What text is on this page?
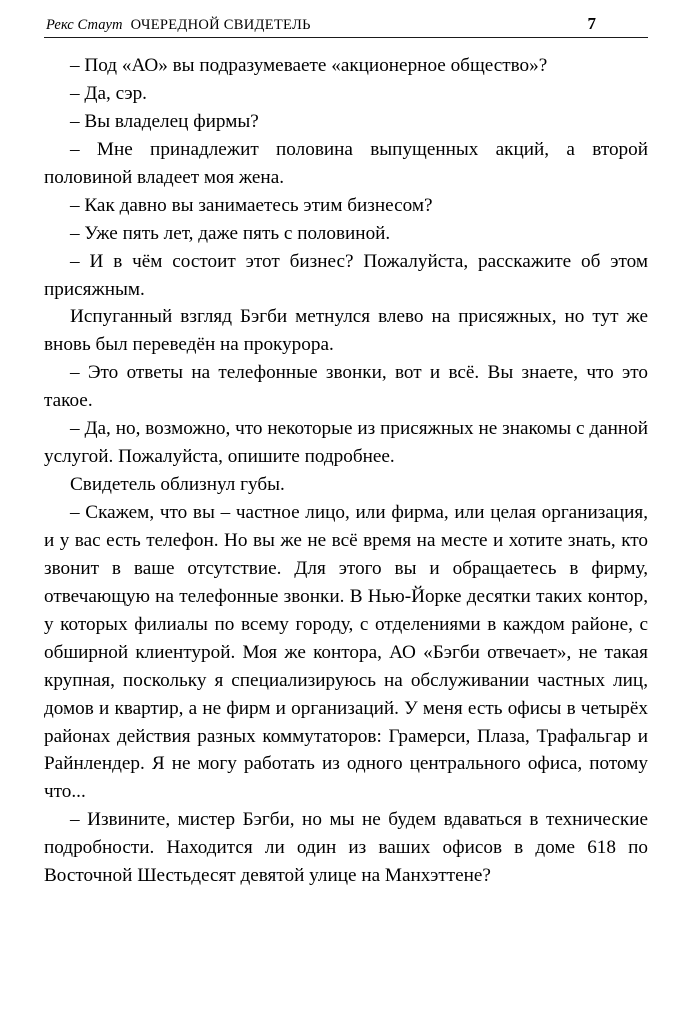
Рекс Стаут ОЧЕРЕДНОЙ СВИДЕТЕЛЬ	7

– Под «АО» вы подразумеваете «акционерное общество»?

– Да, сэр.

– Вы владелец фирмы?

– Мне принадлежит половина выпущенных акций, а второй половиной владеет моя жена.

– Как давно вы занимаетесь этим бизнесом?

– Уже пять лет, даже пять с половиной.

– И в чём состоит этот бизнес? Пожалуйста, расскажите об этом присяжным.

Испуганный взгляд Бэгби метнулся влево на присяжных, но тут же вновь был переведён на прокурора.

– Это ответы на телефонные звонки, вот и всё. Вы знаете, что это такое.

– Да, но, возможно, что некоторые из присяжных не знакомы с данной услугой. Пожалуйста, опишите подробнее.

Свидетель облизнул губы.

– Скажем, что вы – частное лицо, или фирма, или целая организация, и у вас есть телефон. Но вы же не всё время на месте и хотите знать, кто звонит в ваше отсутствие. Для этого вы и обращаетесь в фирму, отвечающую на телефонные звонки. В Нью-Йорке десятки таких контор, у которых филиалы по всему городу, с отделениями в каждом районе, с обширной клиентурой. Моя же контора, АО «Бэгби отвечает», не такая крупная, поскольку я специализируюсь на обслуживании частных лиц, домов и квартир, а не фирм и организаций. У меня есть офисы в четырёх районах действия разных коммутаторов: Грамерси, Плаза, Трафальгар и Райнлендер. Я не могу работать из одного центрального офиса, потому что...

– Извините, мистер Бэгби, но мы не будем вдаваться в технические подробности. Находится ли один из ваших офисов в доме 618 по Восточной Шестьдесят девятой улице на Манхэттене?
